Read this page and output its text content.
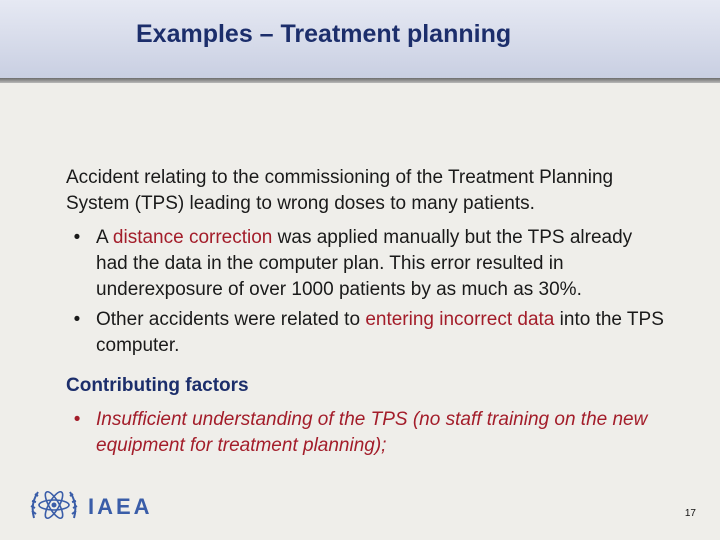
Examples – Treatment planning

Accident relating to the commissioning of the Treatment Planning System (TPS) leading to wrong doses to many patients.

• A distance correction was applied manually but the TPS already had the data in the computer plan. This error resulted in underexposure of over 1000 patients by as much as 30%.
• Other accidents were related to entering incorrect data into the TPS computer.

Contributing factors

• Insufficient understanding of the TPS (no staff training on the new equipment for treatment planning);
IAEA	17
